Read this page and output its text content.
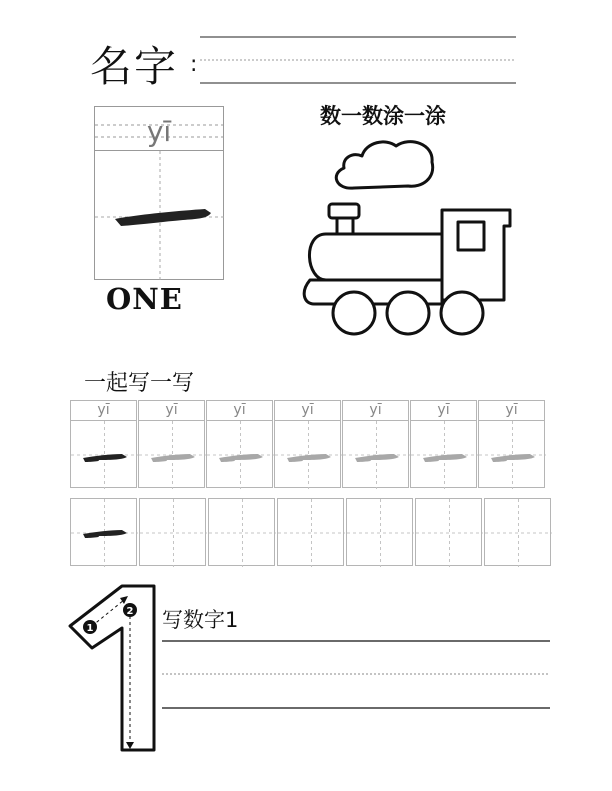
名字 :
yī
ONE
数一数涂一涂
一起写一写
yī	yī	yī	yī	yī	yī	yī
1
2 写数字1
